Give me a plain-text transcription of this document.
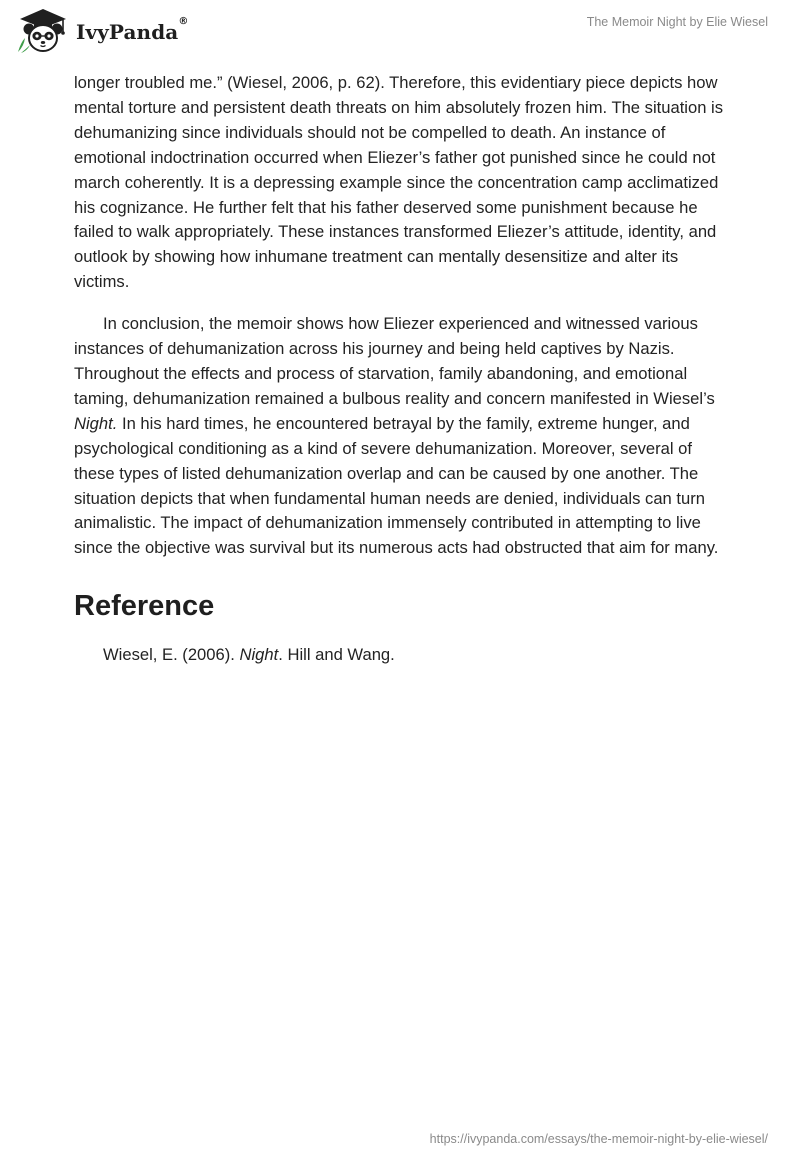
IvyPanda®	The Memoir Night by Elie Wiesel

longer troubled me.” (Wiesel, 2006, p. 62). Therefore, this evidentiary piece depicts how mental torture and persistent death threats on him absolutely frozen him. The situation is dehumanizing since individuals should not be compelled to death. An instance of emotional indoctrination occurred when Eliezer’s father got punished since he could not march coherently. It is a depressing example since the concentration camp acclimatized his cognizance. He further felt that his father deserved some punishment because he failed to walk appropriately. These instances transformed Eliezer’s attitude, identity, and outlook by showing how inhumane treatment can mentally desensitize and alter its victims.

In conclusion, the memoir shows how Eliezer experienced and witnessed various instances of dehumanization across his journey and being held captives by Nazis. Throughout the effects and process of starvation, family abandoning, and emotional taming, dehumanization remained a bulbous reality and concern manifested in Wiesel’s Night. In his hard times, he encountered betrayal by the family, extreme hunger, and psychological conditioning as a kind of severe dehumanization. Moreover, several of these types of listed dehumanization overlap and can be caused by one another. The situation depicts that when fundamental human needs are denied, individuals can turn animalistic. The impact of dehumanization immensely contributed in attempting to live since the objective was survival but its numerous acts had obstructed that aim for many.

Reference

Wiesel, E. (2006). Night. Hill and Wang.

https://ivypanda.com/essays/the-memoir-night-by-elie-wiesel/
